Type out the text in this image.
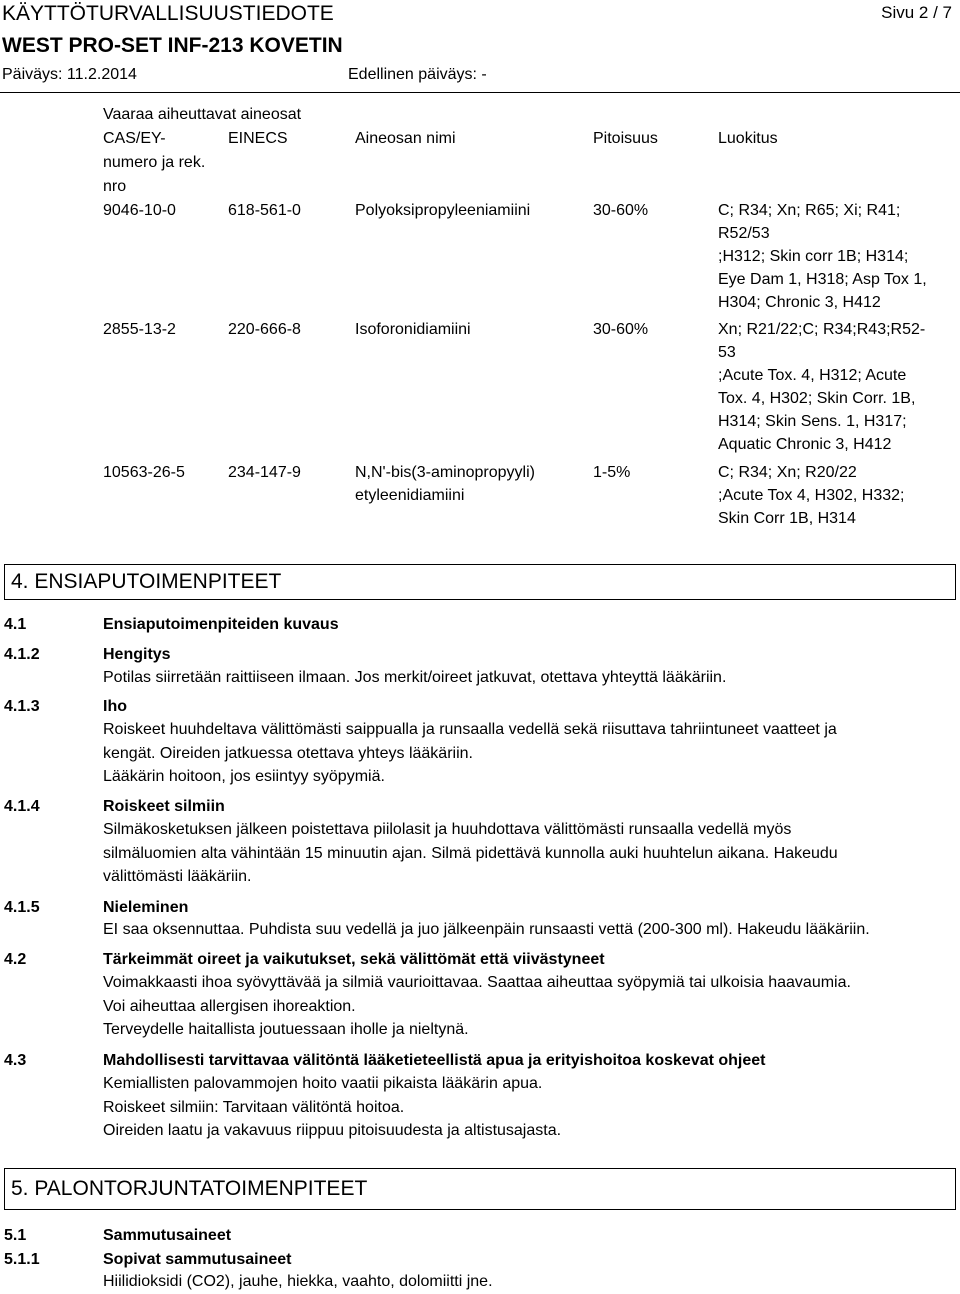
KÄYTTÖTURVALLISUUSTIEDOTE	Sivu 2 / 7
WEST PRO-SET INF-213 KOVETIN
Päiväys: 11.2.2014	Edellinen päiväys: -
Vaaraa aiheuttavat aineosat
CAS/EY-
numero ja rek.
nro
EINECS	Aineosan nimi	Pitoisuus	Luokitus
9046-10-0	618-561-0	Polyoksipropyleeniamiini	30-60%	C; R34; Xn; R65; Xi; R41;
R52/53
;H312; Skin corr 1B; H314;
Eye Dam 1, H318; Asp Tox 1,
H304; Chronic 3, H412
2855-13-2	220-666-8	Isoforonidiamiini	30-60%	Xn; R21/22;C; R34;R43;R52-
53
;Acute Tox. 4, H312; Acute
Tox. 4, H302; Skin Corr. 1B,
H314; Skin Sens. 1, H317;
Aquatic Chronic 3, H412
10563-26-5	234-147-9	N,N'-bis(3-aminopropyyli)
etyleenidiamiini
1-5%	C; R34; Xn; R20/22
;Acute Tox 4, H302, H332;
Skin Corr 1B, H314
4. ENSIAPUTOIMENPITEET
4.1	Ensiaputoimenpiteiden kuvaus
4.1.2	Hengitys
Potilas siirretään raittiiseen ilmaan. Jos merkit/oireet jatkuvat, otettava yhteyttä lääkäriin.
4.1.3	Iho
Roiskeet huuhdeltava välittömästi saippualla ja runsaalla vedellä sekä riisuttava tahriintuneet vaatteet ja
kengät. Oireiden jatkuessa otettava yhteys lääkäriin.
Lääkärin hoitoon, jos esiintyy syöpymiä.
4.1.4	Roiskeet silmiin
Silmäkosketuksen jälkeen poistettava piilolasit ja huuhdottava välittömästi runsaalla vedellä myös
silmäluomien alta vähintään 15 minuutin ajan. Silmä pidettävä kunnolla auki huuhtelun aikana. Hakeudu
välittömästi lääkäriin.
4.1.5	Nieleminen
EI saa oksennuttaa. Puhdista suu vedellä ja juo jälkeenpäin runsaasti vettä (200-300 ml). Hakeudu lääkäriin.
4.2	Tärkeimmät oireet ja vaikutukset, sekä välittömät että viivästyneet
Voimakkaasti ihoa syövyttävää ja silmiä vaurioittavaa. Saattaa aiheuttaa syöpymiä tai ulkoisia haavaumia.
Voi aiheuttaa allergisen ihoreaktion.
Terveydelle haitallista joutuessaan iholle ja nieltynä.
4.3	Mahdollisesti tarvittavaa välitöntä lääketieteellistä apua ja erityishoitoa koskevat ohjeet
Kemiallisten palovammojen hoito vaatii pikaista lääkärin apua.
Roiskeet silmiin: Tarvitaan välitöntä hoitoa.
Oireiden laatu ja vakavuus riippuu pitoisuudesta ja altistusajasta.
5. PALONTORJUNTATOIMENPITEET
5.1	Sammutusaineet
5.1.1	Sopivat sammutusaineet
Hiilidioksidi (CO2), jauhe, hiekka, vaahto, dolomiitti jne.
